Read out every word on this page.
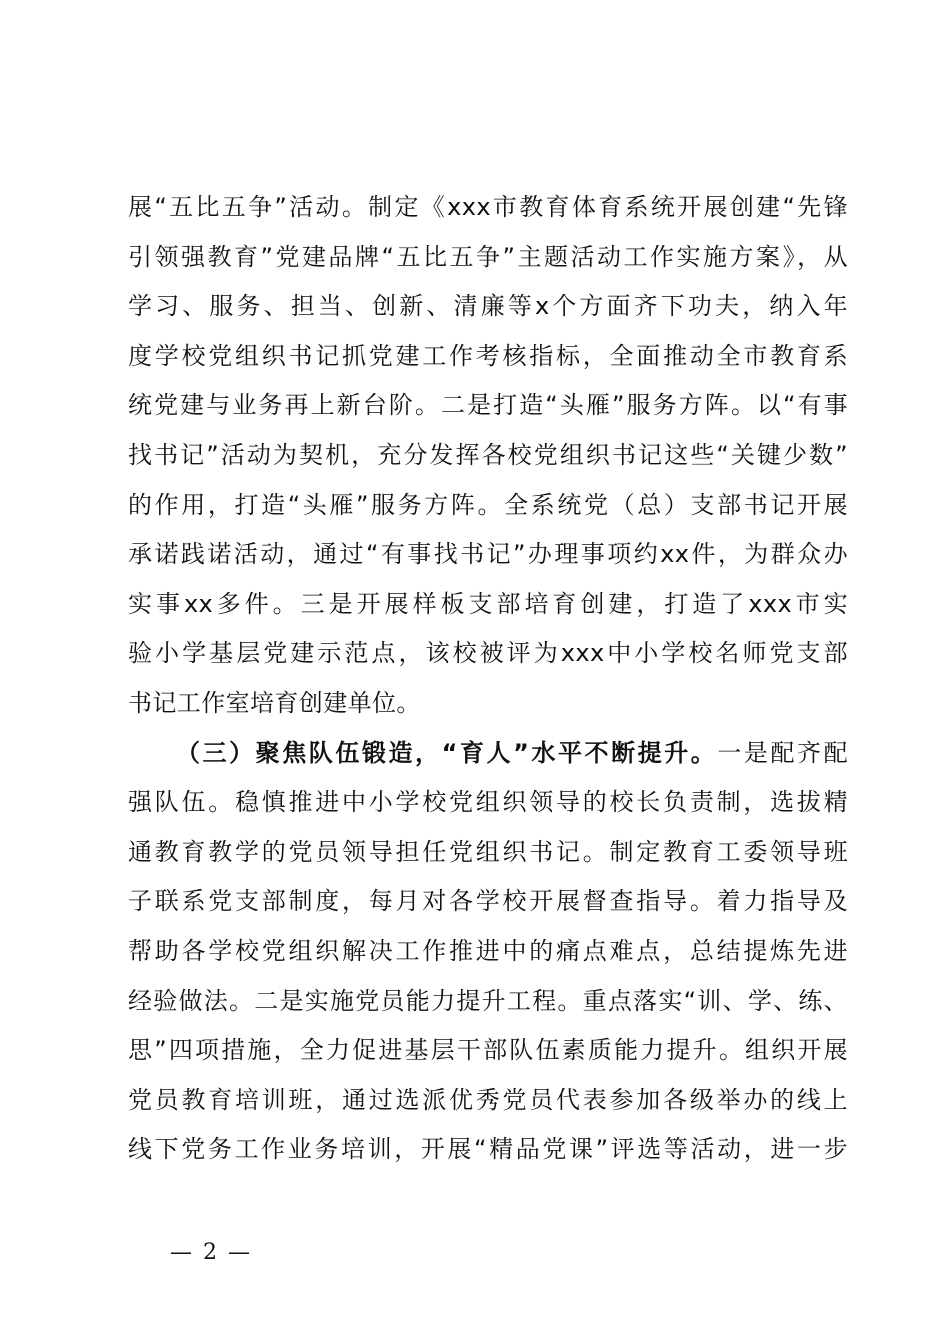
展“五比五争”活动。制定《xxx市教育体育系统开展创建“先锋
引领强教育”党建品牌“五比五争”主题活动工作实施方案》，从
学习、服务、担当、创新、清廉等x个方面齐下功夫，纳入年
度学校党组织书记抓党建工作考核指标，全面推动全市教育系
统党建与业务再上新台阶。二是打造“头雁”服务方阵。以“有事
找书记”活动为契机，充分发挥各校党组织书记这些“关键少数”
的作用，打造“头雁”服务方阵。全系统党（总）支部书记开展
承诺践诺活动，通过“有事找书记”办理事项约xx件，为群众办
实事xx多件。三是开展样板支部培育创建，打造了xxx市实
验小学基层党建示范点，该校被评为xxx中小学校名师党支部
书记工作室培育创建单位。
（三）聚焦队伍锻造，“育人”水平不断提升。一是配齐配
强队伍。稳慎推进中小学校党组织领导的校长负责制，选拔精
通教育教学的党员领导担任党组织书记。制定教育工委领导班
子联系党支部制度，每月对各学校开展督查指导。着力指导及
帮助各学校党组织解决工作推进中的痛点难点，总结提炼先进
经验做法。二是实施党员能力提升工程。重点落实“训、学、练、
思”四项措施，全力促进基层干部队伍素质能力提升。组织开展
党员教育培训班，通过选派优秀党员代表参加各级举办的线上
线下党务工作业务培训，开展“精品党课”评选等活动，进一步
— 2 —
